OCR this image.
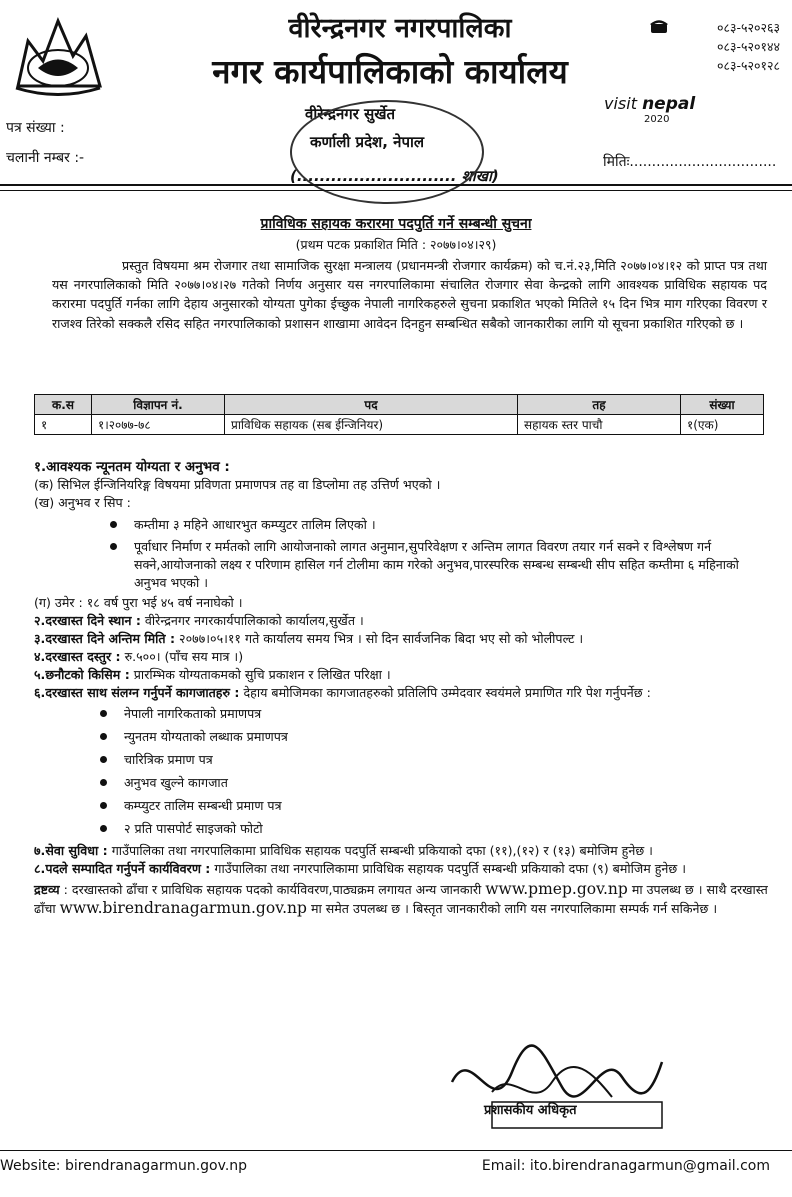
वीरेन्द्रनगर नगरपालिका
नगर कार्यपालिकाको कार्यालय
०८३-५२०२६३
०८३-५२०१४४
०८३-५२०१२८
visit nepal
2020
वीरेन्द्रनगर सुर्खेत
कर्णाली प्रदेश, नेपाल
(............................ शाखा)
पत्र संख्या :
चलानी नम्बर :-	मितिः.................................
प्राविधिक सहायक करारमा पदपुर्ति गर्ने सम्बन्धी सुचना
(प्रथम पटक प्रकाशित मिति : २०७७।०४।२९)
प्रस्तुत विषयमा श्रम रोजगार तथा सामाजिक सुरक्षा मन्त्रालय (प्रधानमन्त्री रोजगार कार्यक्रम) को च.नं.२३,मिति २०७७।०४।१२ को प्राप्त पत्र तथा यस नगरपालिकाको मिति २०७७।०४।२७ गतेको निर्णय अनुसार यस नगरपालिकामा संचालित रोजगार सेवा केन्द्रको लागि आवश्यक प्राविधिक सहायक पद करारमा पदपुर्ति गर्नका लागि देहाय अनुसारको योग्यता पुगेका ईच्छुक नेपाली नागरिकहरुले सुचना प्रकाशित भएको मितिले १५ दिन भित्र माग गरिएका विवरण र राजश्व तिरेको सक्कलै रसिद सहित नगरपालिकाको प्रशासन शाखामा आवेदन दिनहुन सम्बन्धित सबैको जानकारीका लागि यो सूचना प्रकाशित गरिएको छ ।
क.स	विज्ञापन नं.	पद	तह	संख्या
१	१।२०७७-७८	प्राविधिक सहायक (सब ईन्जिनियर)	सहायक स्तर पाचौ	१(एक)
१.आवश्यक न्यूनतम योग्यता र अनुभव :
(क) सिभिल ईन्जिनियरिङ्ग विषयमा प्रविणता प्रमाणपत्र तह वा डिप्लोमा तह उत्तिर्ण भएको ।
(ख) अनुभव र सिप :
कम्तीमा ३ महिने आधारभुत कम्प्युटर तालिम लिएको ।
पूर्वाधार निर्माण र मर्मतको लागि आयोजनाको लागत अनुमान,सुपरिवेक्षण र अन्तिम लागत विवरण तयार गर्न सक्ने र विश्लेषण गर्न सक्ने,आयोजनाको लक्ष्य र परिणाम हासिल गर्न टोलीमा काम गरेको अनुभव,पारस्परिक सम्बन्ध सम्बन्धी सीप सहित कम्तीमा ६ महिनाको अनुभव भएको ।
(ग) उमेर : १८ वर्ष पुरा भई ४५ वर्ष ननाघेको ।
२.दरखास्त दिने स्थान : वीरेन्द्रनगर नगरकार्यपालिकाको कार्यालय,सुर्खेत ।
३.दरखास्त दिने अन्तिम मिति : २०७७।०५।११ गते कार्यालय समय भित्र । सो दिन सार्वजनिक बिदा भए सो को भोलीपल्ट ।
४.दरखास्त दस्तुर : रु.५००। (पाँच सय मात्र ।)
५.छनौटको किसिम : प्रारम्भिक योग्यताकमको सुचि प्रकाशन र लिखित परिक्षा ।
६.दरखास्त साथ संलग्न गर्नुपर्ने कागजातहरु : देहाय बमोजिमका कागजातहरुको प्रतिलिपि उम्मेदवार स्वयंमले प्रमाणित गरि पेश गर्नुपर्नेछ :
नेपाली नागरिकताको प्रमाणपत्र
न्युनतम योग्यताको लब्धाक प्रमाणपत्र
चारित्रिक प्रमाण पत्र
अनुभव खुल्ने कागजात
कम्प्युटर तालिम सम्बन्धी प्रमाण पत्र
२ प्रति पासपोर्ट साइजको फोटो
७.सेवा सुविधा : गाउँपालिका तथा नगरपालिकामा प्राविधिक सहायक पदपुर्ति सम्बन्धी प्रकियाको दफा (११),(१२) र (१३) बमोजिम हुनेछ ।
८.पदले सम्पादित गर्नुपर्ने कार्यविवरण : गाउँपालिका तथा नगरपालिकामा प्राविधिक सहायक पदपुर्ति सम्बन्धी प्रकियाको दफा (९) बमोजिम हुनेछ ।
द्रष्टव्य : दरखास्तको ढाँचा र प्राविधिक सहायक पदको कार्यविवरण,पाठ्यक्रम लगायत अन्य जानकारी www.pmep.gov.np मा उपलब्ध छ । साथै दरखास्त ढाँचा www.birendranagarmun.gov.np मा समेत उपलब्ध छ । बिस्तृत जानकारीको लागि यस नगरपालिकामा सम्पर्क गर्न सकिनेछ ।
प्रशासकीय अधिकृत
Website: birendranagarmun.gov.np	Email: ito.birendranagarmun@gmail.com
